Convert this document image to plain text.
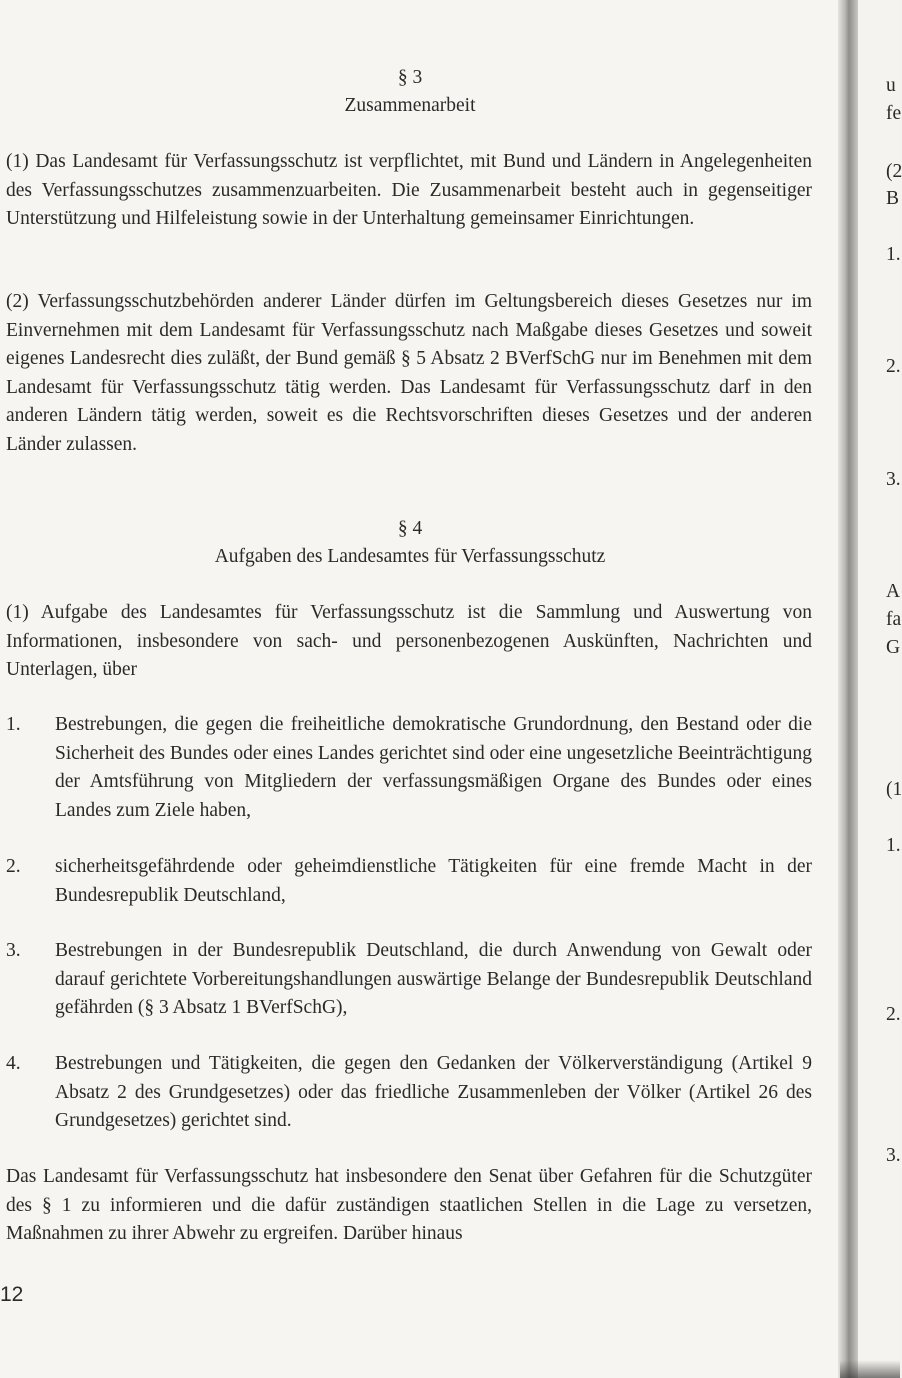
§ 3
Zusammenarbeit
(1) Das Landesamt für Verfassungsschutz ist verpflichtet, mit Bund und Ländern in Angelegenheiten des Verfassungsschutzes zusammenzuarbeiten. Die Zusammenarbeit besteht auch in gegenseitiger Unterstützung und Hilfeleistung sowie in der Unterhaltung gemeinsamer Einrichtungen.
(2) Verfassungsschutzbehörden anderer Länder dürfen im Geltungsbereich dieses Gesetzes nur im Einvernehmen mit dem Landesamt für Verfassungsschutz nach Maßgabe dieses Gesetzes und soweit eigenes Landesrecht dies zuläßt, der Bund gemäß § 5 Absatz 2 BVerfSchG nur im Benehmen mit dem Landesamt für Verfassungsschutz tätig werden. Das Landesamt für Verfassungsschutz darf in den anderen Ländern tätig werden, soweit es die Rechtsvorschriften dieses Gesetzes und der anderen Länder zulassen.
§ 4
Aufgaben des Landesamtes für Verfassungsschutz
(1) Aufgabe des Landesamtes für Verfassungsschutz ist die Sammlung und Auswertung von Informationen, insbesondere von sach- und personenbezogenen Auskünften, Nachrichten und Unterlagen, über
1. Bestrebungen, die gegen die freiheitliche demokratische Grundordnung, den Bestand oder die Sicherheit des Bundes oder eines Landes gerichtet sind oder eine ungesetzliche Beeinträchtigung der Amtsführung von Mitgliedern der verfassungsmäßigen Organe des Bundes oder eines Landes zum Ziele haben,
2. sicherheitsgefährdende oder geheimdienstliche Tätigkeiten für eine fremde Macht in der Bundesrepublik Deutschland,
3. Bestrebungen in der Bundesrepublik Deutschland, die durch Anwendung von Gewalt oder darauf gerichtete Vorbereitungshandlungen auswärtige Belange der Bundesrepublik Deutschland gefährden (§ 3 Absatz 1 BVerfSchG),
4. Bestrebungen und Tätigkeiten, die gegen den Gedanken der Völkerverständigung (Artikel 9 Absatz 2 des Grundgesetzes) oder das friedliche Zusammenleben der Völker (Artikel 26 des Grundgesetzes) gerichtet sind.
Das Landesamt für Verfassungsschutz hat insbesondere den Senat über Gefahren für die Schutzgüter des § 1 zu informieren und die dafür zuständigen staatlichen Stellen in die Lage zu versetzen, Maßnahmen zu ihrer Abwehr zu ergreifen. Darüber hinaus
12
u
fe
(2
B
1.
2.
3.
A
fa
G
(1
1.
2.
3.
